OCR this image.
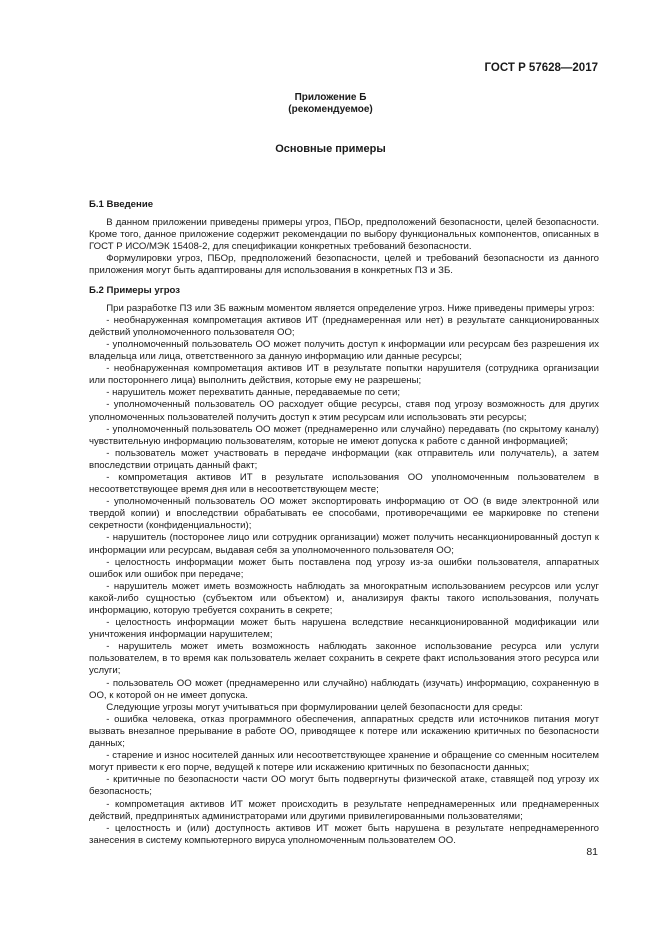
ГОСТ Р 57628—2017
Приложение Б
(рекомендуемое)
Основные примеры
Б.1 Введение

В данном приложении приведены примеры угроз, ПБОр, предположений безопасности, целей безопасности. Кроме того, данное приложение содержит рекомендации по выбору функциональных компонентов, описанных в ГОСТ Р ИСО/МЭК 15408-2, для спецификации конкретных требований безопасности.

Формулировки угроз, ПБОр, предположений безопасности, целей и требований безопасности из данного приложения могут быть адаптированы для использования в конкретных ПЗ и ЗБ.

Б.2 Примеры угроз

При разработке ПЗ или ЗБ важным моментом является определение угроз. Ниже приведены примеры угроз:

- необнаруженная компрометация активов ИТ (преднамеренная или нет) в результате санкционированных действий уполномоченного пользователя ОО;

- уполномоченный пользователь ОО может получить доступ к информации или ресурсам без разрешения их владельца или лица, ответственного за данную информацию или данные ресурсы;

- необнаруженная компрометация активов ИТ в результате попытки нарушителя (сотрудника организации или постороннего лица) выполнить действия, которые ему не разрешены;

- нарушитель может перехватить данные, передаваемые по сети;

- уполномоченный пользователь ОО расходует общие ресурсы, ставя под угрозу возможность для других уполномоченных пользователей получить доступ к этим ресурсам или использовать эти ресурсы;

- уполномоченный пользователь ОО может (преднамеренно или случайно) передавать (по скрытому каналу) чувствительную информацию пользователям, которые не имеют допуска к работе с данной информацией;

- пользователь может участвовать в передаче информации (как отправитель или получатель), а затем впоследствии отрицать данный факт;

- компрометация активов ИТ в результате использования ОО уполномоченным пользователем в несоответствующее время дня или в несоответствующем месте;

- уполномоченный пользователь ОО может экспортировать информацию от ОО (в виде электронной или твердой копии) и впоследствии обрабатывать ее способами, противоречащими ее маркировке по степени секретности (конфиденциальности);

- нарушитель (посторонее лицо или сотрудник организации) может получить несанкционированный доступ к информации или ресурсам, выдавая себя за уполномоченного пользователя ОО;

- целостность информации может быть поставлена под угрозу из-за ошибки пользователя, аппаратных ошибок или ошибок при передаче;

- нарушитель может иметь возможность наблюдать за многократным использованием ресурсов или услуг какой-либо сущностью (субъектом или объектом) и, анализируя факты такого использования, получать информацию, которую требуется сохранить в секрете;

- целостность информации может быть нарушена вследствие несанкционированной модификации или уничтожения информации нарушителем;

- нарушитель может иметь возможность наблюдать законное использование ресурса или услуги пользователем, в то время как пользователь желает сохранить в секрете факт использования этого ресурса или услуги;

- пользователь ОО может (преднамеренно или случайно) наблюдать (изучать) информацию, сохраненную в ОО, к которой он не имеет допуска.

Следующие угрозы могут учитываться при формулировании целей безопасности для среды:

- ошибка человека, отказ программного обеспечения, аппаратных средств или источников питания могут вызвать внезапное прерывание в работе ОО, приводящее к потере или искажению критичных по безопасности данных;

- старение и износ носителей данных или несоответствующее хранение и обращение со сменным носителем могут привести к его порче, ведущей к потере или искажению критичных по безопасности данных;

- критичные по безопасности части ОО могут быть подвергнуты физической атаке, ставящей под угрозу их безопасность;

- компрометация активов ИТ может происходить в результате непреднамеренных или преднамеренных действий, предпринятых администраторами или другими привилегированными пользователями;

- целостность и (или) доступность активов ИТ может быть нарушена в результате непреднамеренного занесения в систему компьютерного вируса уполномоченным пользователем ОО.

81
